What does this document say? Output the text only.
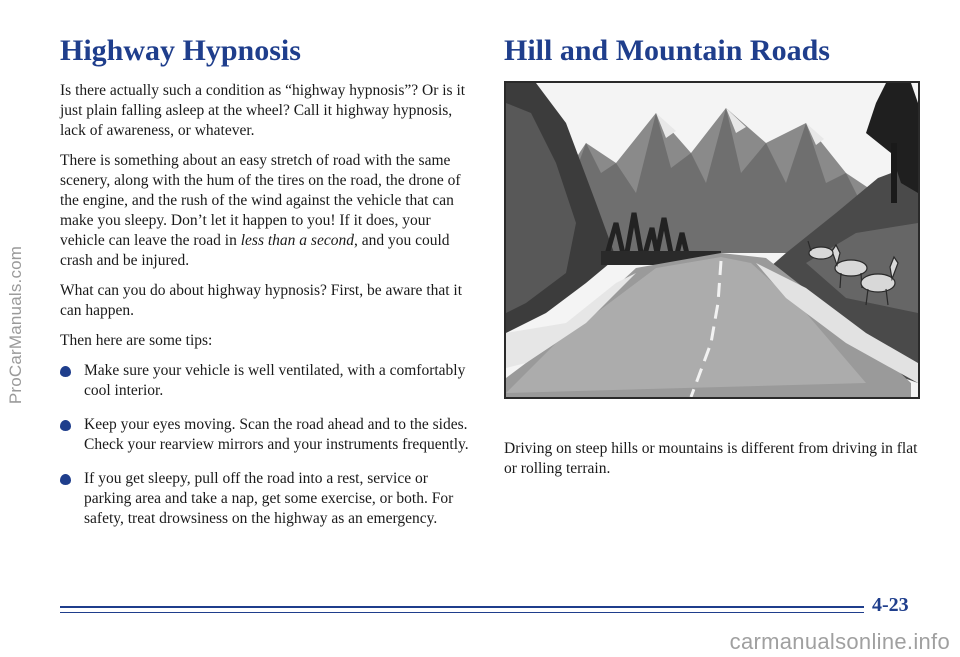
ProCarManuals.com
Highway Hypnosis

Is there actually such a condition as “highway hypnosis”? Or is it just plain falling asleep at the wheel? Call it highway hypnosis, lack of awareness, or whatever.

There is something about an easy stretch of road with the same scenery, along with the hum of the tires on the road, the drone of the engine, and the rush of the wind against the vehicle that can make you sleepy. Don’t let it happen to you! If it does, your vehicle can leave the road in less than a second, and you could crash and be injured.

What can you do about highway hypnosis? First, be aware that it can happen.

Then here are some tips:

Make sure your vehicle is well ventilated, with a comfortably cool interior.
Keep your eyes moving. Scan the road ahead and to the sides. Check your rearview mirrors and your instruments frequently.
If you get sleepy, pull off the road into a rest, service or parking area and take a nap, get some exercise, or both. For safety, treat drowsiness on the highway as an emergency.
Hill and Mountain Roads

Driving on steep hills or mountains is different from driving in flat or rolling terrain.

4-23
carmanualsonline.info
